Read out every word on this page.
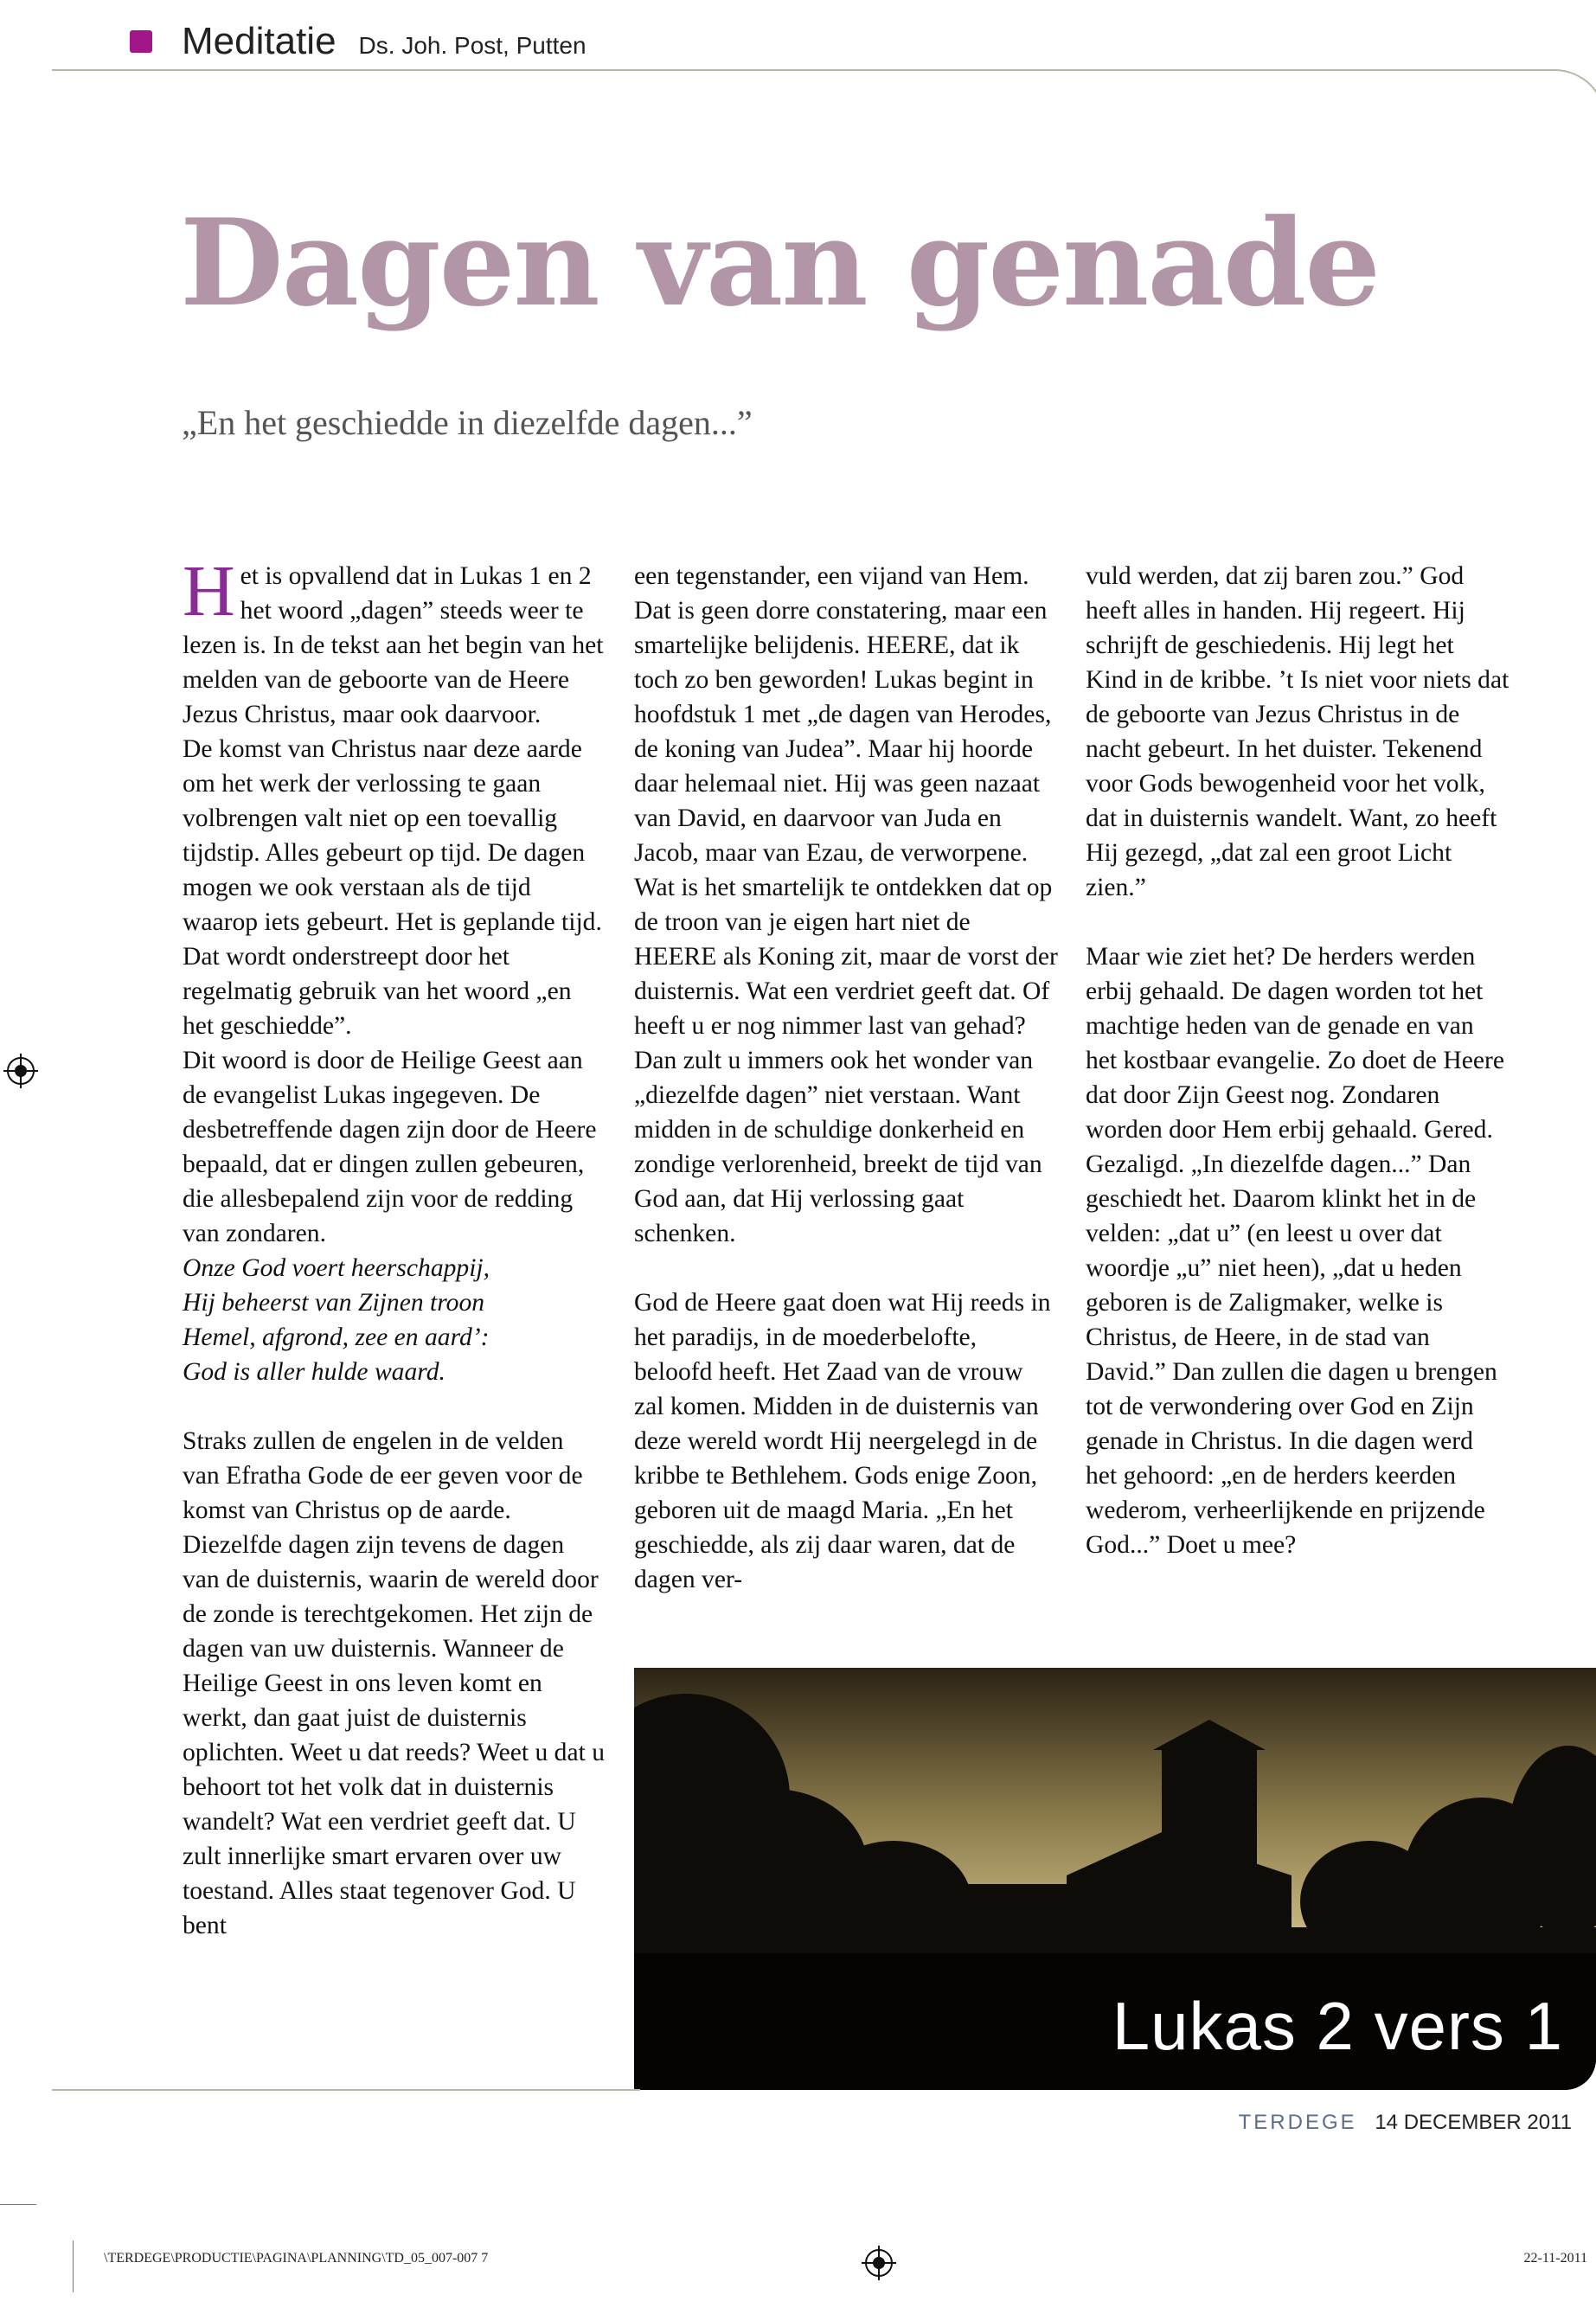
Meditatie Ds. Joh. Post, Putten
Dagen van genade
„En het geschiedde in diezelfde dagen...”

Het is opvallend dat in Lukas 1 en 2 het woord „dagen” steeds weer te lezen is. In de tekst aan het begin van het melden van de geboorte van de Heere Jezus Christus, maar ook daarvoor.

De komst van Christus naar deze aarde om het werk der verlossing te gaan volbrengen valt niet op een toevallig tijdstip. Alles gebeurt op tijd. De dagen mogen we ook verstaan als de tijd waarop iets gebeurt. Het is geplande tijd. Dat wordt onderstreept door het regelmatig gebruik van het woord „en het geschiedde”.

Dit woord is door de Heilige Geest aan de evangelist Lukas ingegeven. De desbetreffende dagen zijn door de Heere bepaald, dat er dingen zullen gebeuren, die allesbepalend zijn voor de redding van zondaren.

Onze God voert heerschappij,

Hij beheerst van Zijnen troon

Hemel, afgrond, zee en aard’:

God is aller hulde waard.

Straks zullen de engelen in de velden van Efratha Gode de eer geven voor de komst van Christus op de aarde. Diezelfde dagen zijn tevens de dagen van de duisternis, waarin de wereld door de zonde is terechtgekomen. Het zijn de dagen van uw duisternis. Wanneer de Heilige Geest in ons leven komt en werkt, dan gaat juist de duisternis oplichten. Weet u dat reeds? Weet u dat u behoort tot het volk dat in duisternis wandelt? Wat een verdriet geeft dat. U zult innerlijke smart ervaren over uw toestand. Alles staat tegenover God. U bent

een tegenstander, een vijand van Hem. Dat is geen dorre constatering, maar een smartelijke belijdenis. HEERE, dat ik toch zo ben geworden! Lukas begint in hoofdstuk 1 met „de dagen van Herodes, de koning van Judea”. Maar hij hoorde daar helemaal niet. Hij was geen nazaat van David, en daarvoor van Juda en Jacob, maar van Ezau, de verworpene. Wat is het smartelijk te ontdekken dat op de troon van je eigen hart niet de HEERE als Koning zit, maar de vorst der duisternis. Wat een verdriet geeft dat. Of heeft u er nog nimmer last van gehad? Dan zult u immers ook het wonder van „diezelfde dagen” niet verstaan. Want midden in de schuldige donkerheid en zondige verlorenheid, breekt de tijd van God aan, dat Hij verlossing gaat schenken.

God de Heere gaat doen wat Hij reeds in het paradijs, in de moederbelofte, beloofd heeft. Het Zaad van de vrouw zal komen. Midden in de duisternis van deze wereld wordt Hij neergelegd in de kribbe te Bethlehem. Gods enige Zoon, geboren uit de maagd Maria. „En het geschiedde, als zij daar waren, dat de dagen ver-

vuld werden, dat zij baren zou.” God heeft alles in handen. Hij regeert. Hij schrijft de geschiedenis. Hij legt het Kind in de kribbe. ’t Is niet voor niets dat de geboorte van Jezus Christus in de nacht gebeurt. In het duister. Tekenend voor Gods bewogenheid voor het volk, dat in duisternis wandelt. Want, zo heeft Hij gezegd, „dat zal een groot Licht zien.”

Maar wie ziet het? De herders werden erbij gehaald. De dagen worden tot het machtige heden van de genade en van het kostbaar evangelie. Zo doet de Heere dat door Zijn Geest nog. Zondaren worden door Hem erbij gehaald. Gered. Gezaligd. „In diezelfde dagen...” Dan geschiedt het. Daarom klinkt het in de velden: „dat u” (en leest u over dat woordje „u” niet heen), „dat u heden geboren is de Zaligmaker, welke is Christus, de Heere, in de stad van David.” Dan zullen die dagen u brengen tot de verwondering over God en Zijn genade in Christus. In die dagen werd het gehoord: „en de herders keerden wederom, verheerlijkende en prijzende God...” Doet u mee?

Lukas 2 vers 1
TERDEGE 14 DECEMBER 2011
\TERDEGE\PRODUCTIE\PAGINA\PLANNING\TD_05_007-007 7	22-11-2011
